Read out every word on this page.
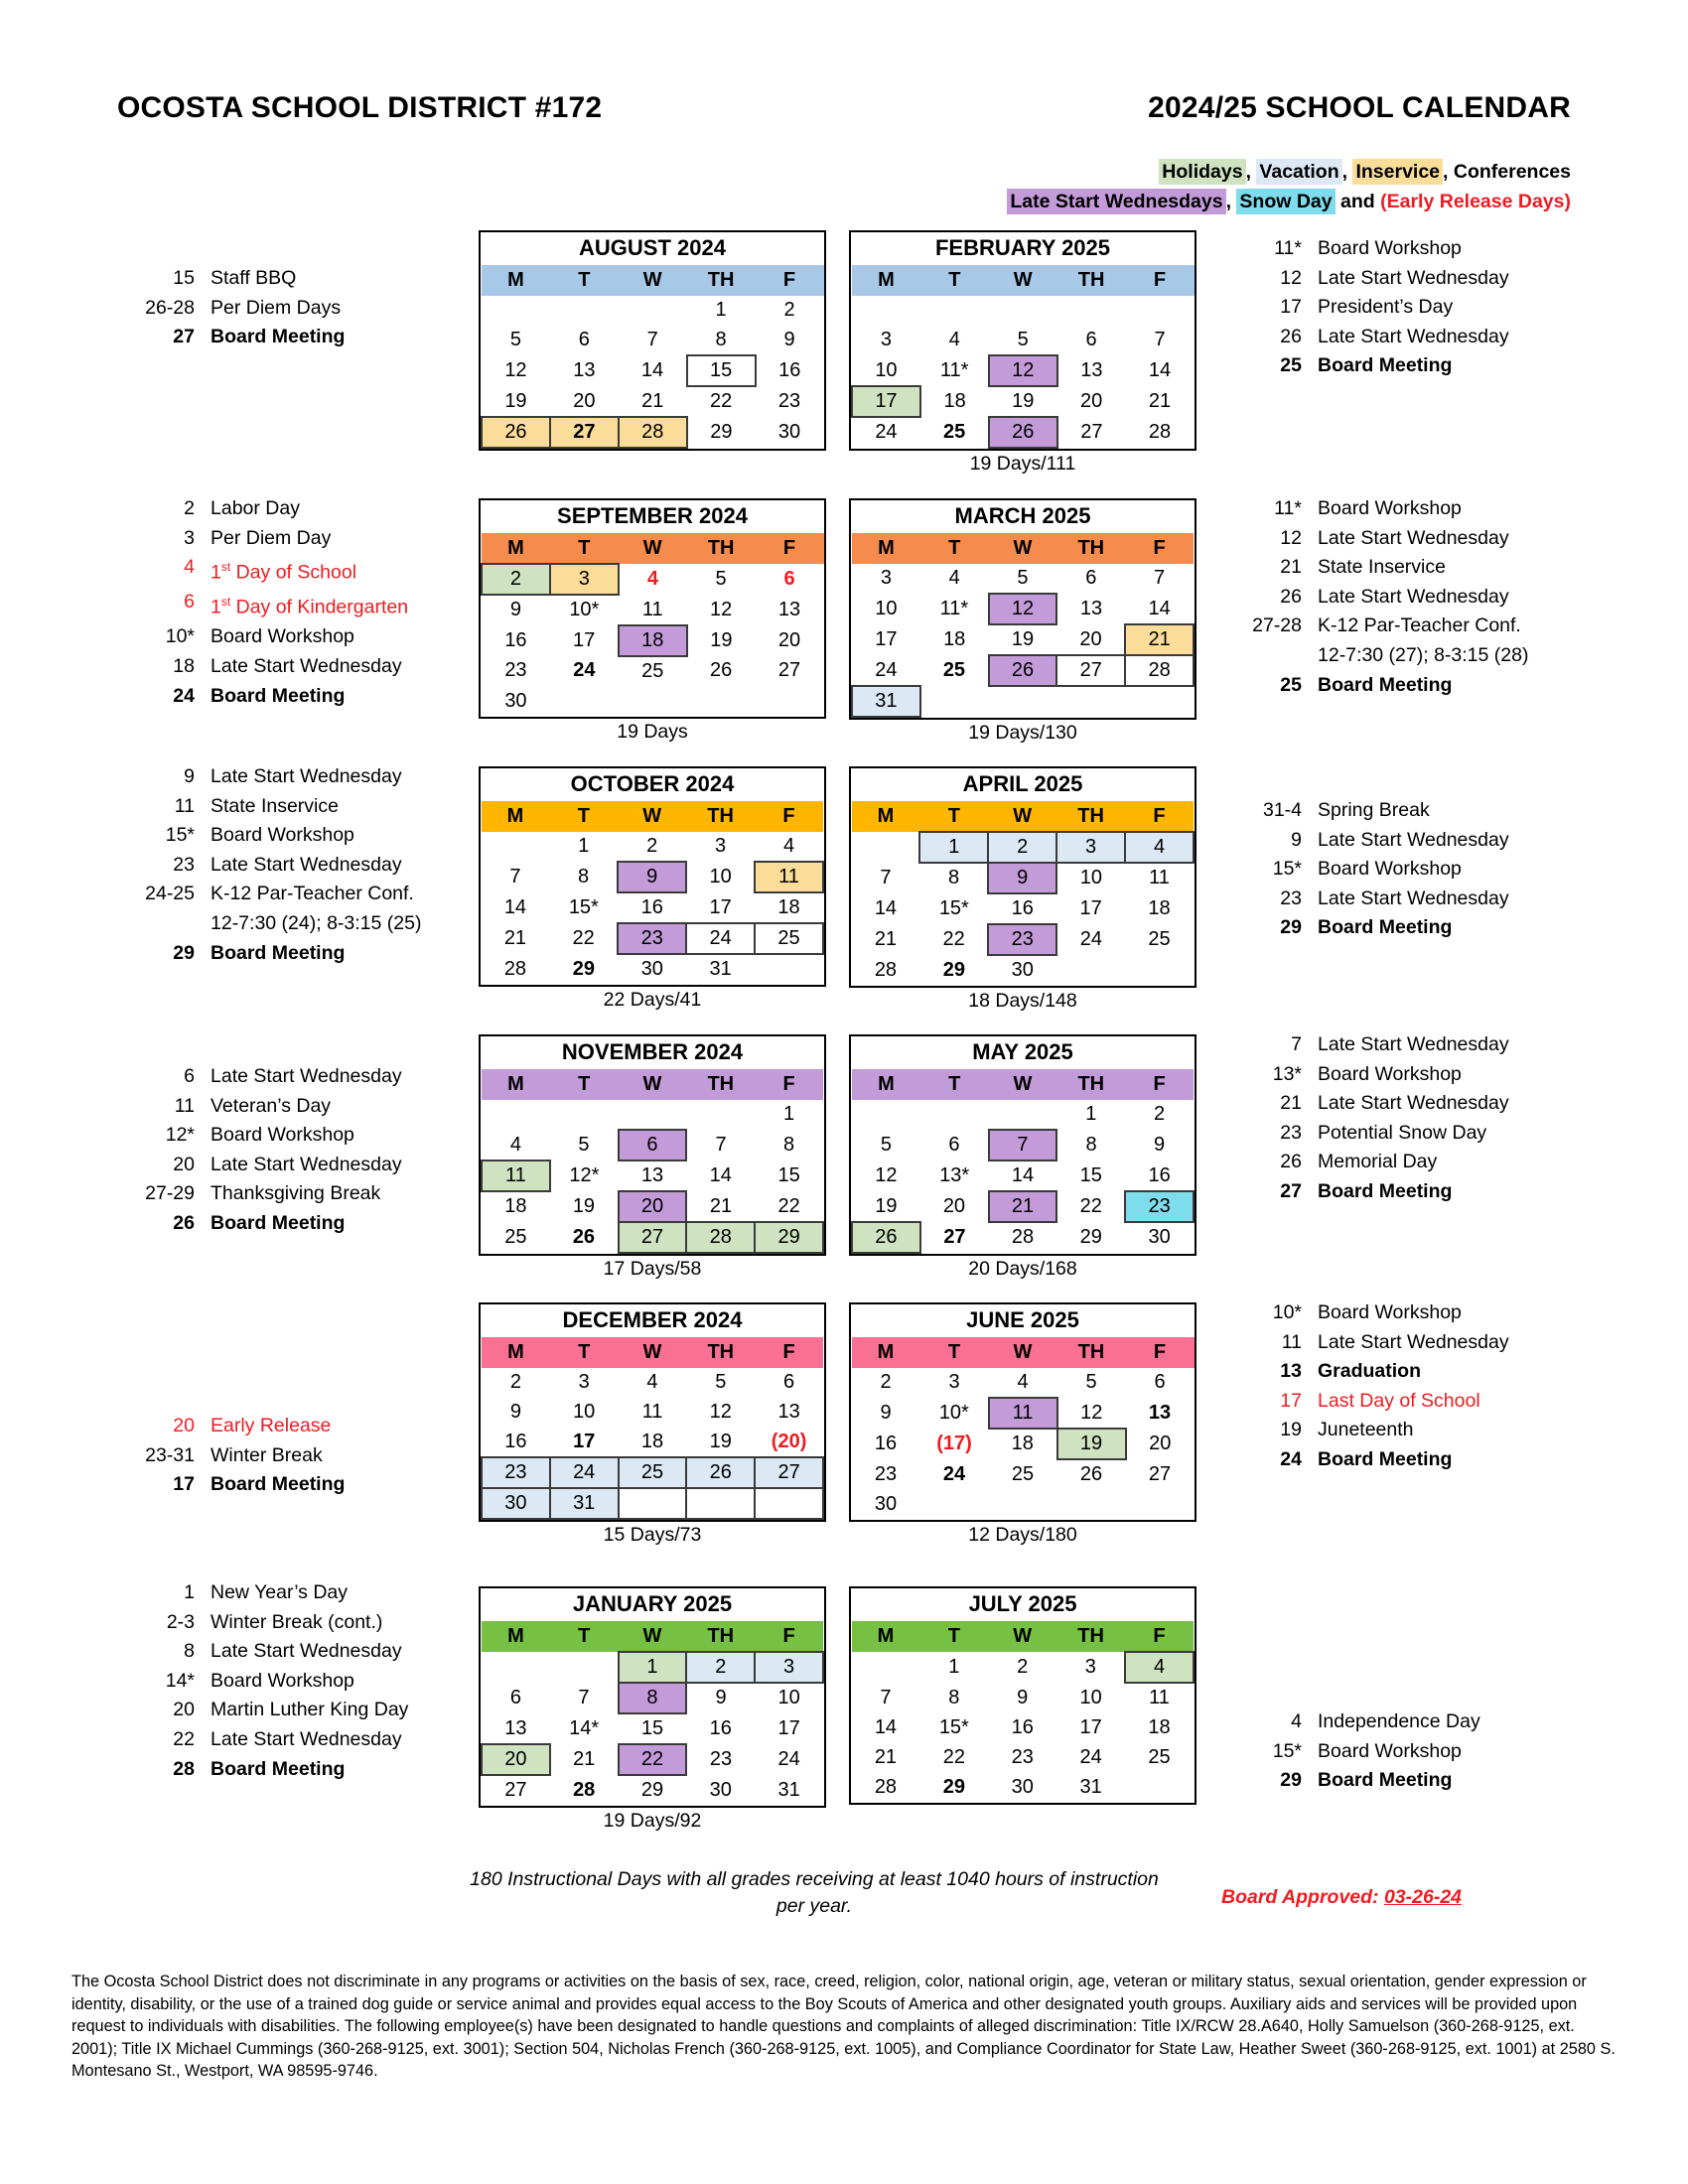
OCOSTA SCHOOL DISTRICT #172	2024/25 SCHOOL CALENDAR
Holidays , Vacation , Inservice , Conferences
Late Start Wednesdays , Snow Day and (Early Release Days)
15 Staff BBQ
26-28 Per Diem Days
27 Board Meeting
11* Board Workshop
12 Late Start Wednesday
17 President’s Day
26 Late Start Wednesday
25 Board Meeting
AUGUST 2024
M	T	W	TH	F
			1	2
5	6	7	8	9
12	13	14	15	16
19	20	21	22	23
26	27	28	29	30
FEBRUARY 2025
M	T	W	TH	F

3	4	5	6	7
10	11*	12	13	14
17	18	19	20	21
24	25	26	27	28
19 Days/111
2 Labor Day
3 Per Diem Day
4 1st Day of School
6 1st Day of Kindergarten
10* Board Workshop
18 Late Start Wednesday
24 Board Meeting
11* Board Workshop
12 Late Start Wednesday
21 State Inservice
26 Late Start Wednesday
27-28 K-12 Par-Teacher Conf.
12-7:30 (27); 8-3:15 (28)
25 Board Meeting
SEPTEMBER 2024
M	T	W	TH	F
2	3	4	5	6
9	10*	11	12	13
16	17	18	19	20
23	24	25	26	27
30				
19 Days
MARCH 2025
M	T	W	TH	F
3	4	5	6	7
10	11*	12	13	14
17	18	19	20	21
24	25	26	27	28
31				
19 Days/130
9 Late Start Wednesday
11 State Inservice
15* Board Workshop
23 Late Start Wednesday
24-25 K-12 Par-Teacher Conf.
12-7:30 (24); 8-3:15 (25)
29 Board Meeting
31-4 Spring Break
9 Late Start Wednesday
15* Board Workshop
23 Late Start Wednesday
29 Board Meeting
OCTOBER 2024
M	T	W	TH	F
	1	2	3	4
7	8	9	10	11
14	15*	16	17	18
21	22	23	24	25
28	29	30	31	
22 Days/41
APRIL 2025
M	T	W	TH	F
	1	2	3	4
7	8	9	10	11
14	15*	16	17	18
21	22	23	24	25
28	29	30		
18 Days/148
6 Late Start Wednesday
11 Veteran’s Day
12* Board Workshop
20 Late Start Wednesday
27-29 Thanksgiving Break
26 Board Meeting
7 Late Start Wednesday
13* Board Workshop
21 Late Start Wednesday
23 Potential Snow Day
26 Memorial Day
27 Board Meeting
NOVEMBER 2024
M	T	W	TH	F
				1
4	5	6	7	8
11	12*	13	14	15
18	19	20	21	22
25	26	27	28	29
17 Days/58
MAY 2025
M	T	W	TH	F
			1	2
5	6	7	8	9
12	13*	14	15	16
19	20	21	22	23
26	27	28	29	30
20 Days/168
20 Early Release
23-31 Winter Break
17 Board Meeting
10* Board Workshop
11 Late Start Wednesday
13 Graduation
17 Last Day of School
19 Juneteenth
24 Board Meeting
DECEMBER 2024
M	T	W	TH	F
2	3	4	5	6
9	10	11	12	13
16	17	18	19	(20)
23	24	25	26	27
30	31			
15 Days/73
JUNE 2025
M	T	W	TH	F
2	3	4	5	6
9	10*	11	12	13
16	(17)	18	19	20
23	24	25	26	27
30				
12 Days/180
1 New Year’s Day
2-3 Winter Break (cont.)
8 Late Start Wednesday
14* Board Workshop
20 Martin Luther King Day
22 Late Start Wednesday
28 Board Meeting
4 Independence Day
15* Board Workshop
29 Board Meeting
JANUARY 2025
M	T	W	TH	F
		1	2	3
6	7	8	9	10
13	14*	15	16	17
20	21	22	23	24
27	28	29	30	31
19 Days/92
JULY 2025
M	T	W	TH	F
	1	2	3	4
7	8	9	10	11
14	15*	16	17	18
21	22	23	24	25
28	29	30	31	
180 Instructional Days with all grades receiving at least 1040 hours of instruction per year.	Board Approved: 03-26-24
The Ocosta School District does not discriminate in any programs or activities on the basis of sex, race, creed, religion, color, national origin, age, veteran or military status, sexual orientation, gender expression or identity, disability, or the use of a trained dog guide or service animal and provides equal access to the Boy Scouts of America and other designated youth groups. Auxiliary aids and services will be provided upon request to individuals with disabilities. The following employee(s) have been designated to handle questions and complaints of alleged discrimination: Title IX/RCW 28.A640, Holly Samuelson (360-268-9125, ext. 2001); Title IX Michael Cummings (360-268-9125, ext. 3001); Section 504, Nicholas French (360-268-9125, ext. 1005), and Compliance Coordinator for State Law, Heather Sweet (360-268-9125, ext. 1001) at 2580 S. Montesano St., Westport, WA 98595-9746.
